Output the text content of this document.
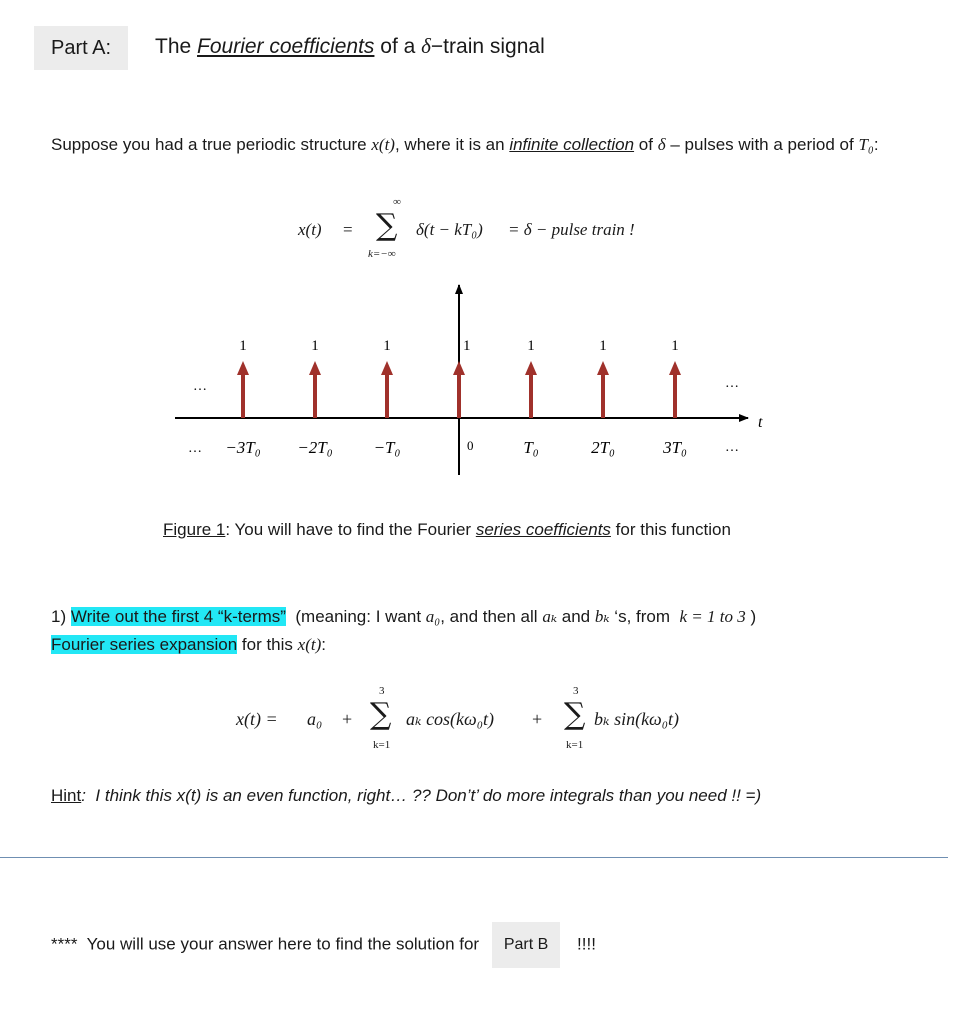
Part A:	The Fourier coefficients of a δ−train signal
Suppose you had a true periodic structure x(t), where it is an infinite collection of δ – pulses with a period of T₀:
x(t) =
∞
∑
k=−∞
δ(t − kT₀) = δ − pulse train !
t
1
−3T₀
1
−2T₀
1
−T₀
1
0
1
T₀
1
2T₀
1
3T₀
…	…
…	…
Figure 1: You will have to find the Fourier series coefficients for this function
1) Write out the first 4 “k-terms” (meaning: I want a₀, and then all aₖ and bₖ ‘s, from k = 1 to 3 )
Fourier series expansion for this x(t):
x(t) = a₀ +
3
∑
k=1
aₖ cos(kω₀t) +
3
∑
k=1
bₖ sin(kω₀t)
Hint: I think this x(t) is an even function, right… ?? Don’t’ do more integrals than you need !! =)
**** You will use your answer here to find the solution for Part B !!!!
